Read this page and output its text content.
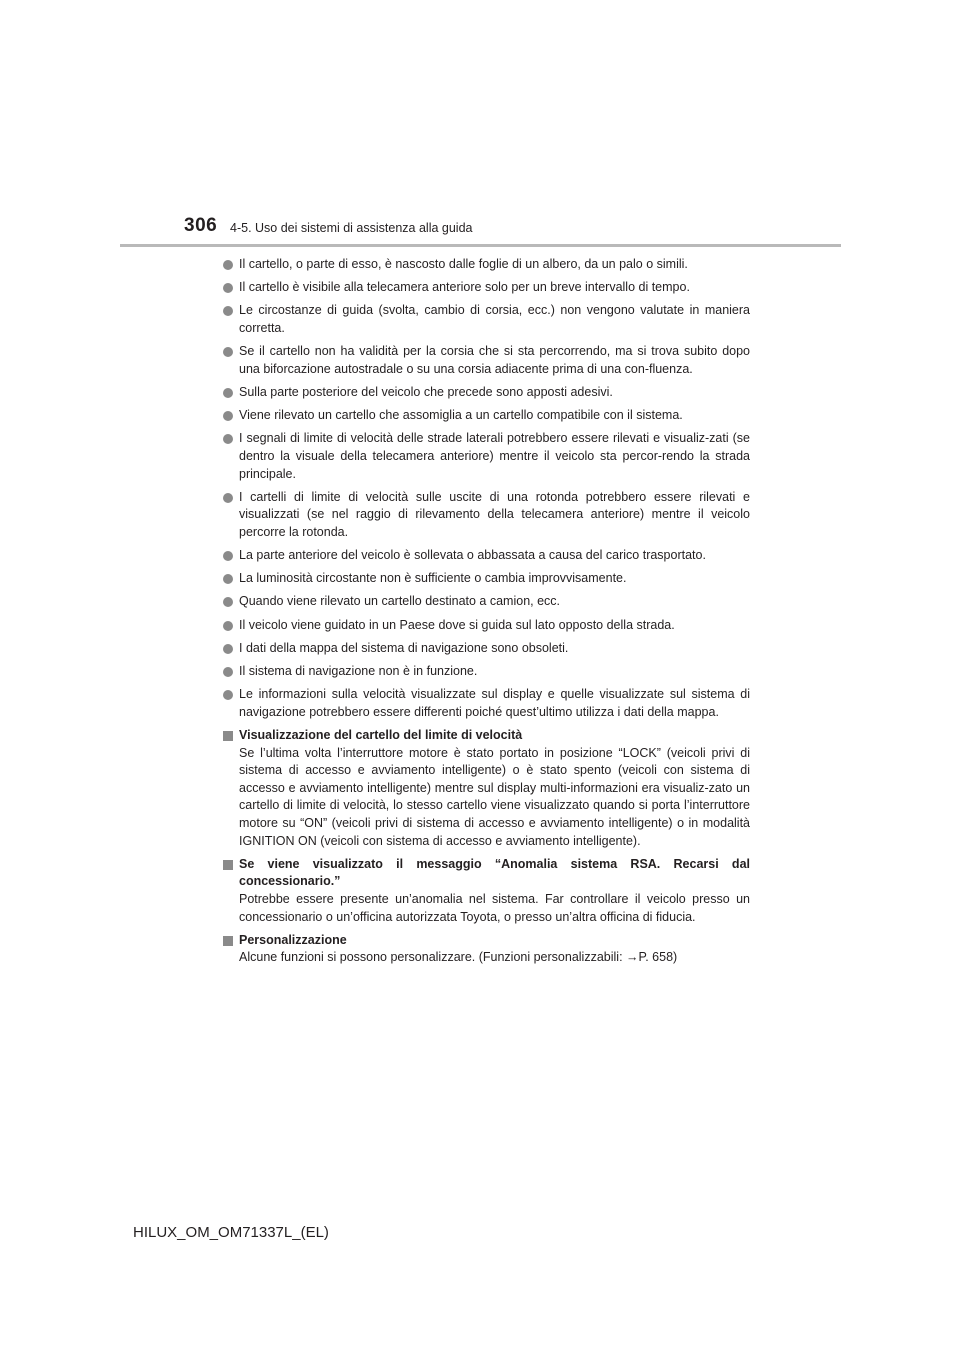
306 4-5. Uso dei sistemi di assistenza alla guida
Il cartello, o parte di esso, è nascosto dalle foglie di un albero, da un palo o simili.
Il cartello è visibile alla telecamera anteriore solo per un breve intervallo di tempo.
Le circostanze di guida (svolta, cambio di corsia, ecc.) non vengono valutate in maniera corretta.
Se il cartello non ha validità per la corsia che si sta percorrendo, ma si trova subito dopo una biforcazione autostradale o su una corsia adiacente prima di una con-fluenza.
Sulla parte posteriore del veicolo che precede sono apposti adesivi.
Viene rilevato un cartello che assomiglia a un cartello compatibile con il sistema.
I segnali di limite di velocità delle strade laterali potrebbero essere rilevati e visualiz-zati (se dentro la visuale della telecamera anteriore) mentre il veicolo sta percor-rendo la strada principale.
I cartelli di limite di velocità sulle uscite di una rotonda potrebbero essere rilevati e visualizzati (se nel raggio di rilevamento della telecamera anteriore) mentre il veicolo percorre la rotonda.
La parte anteriore del veicolo è sollevata o abbassata a causa del carico trasportato.
La luminosità circostante non è sufficiente o cambia improvvisamente.
Quando viene rilevato un cartello destinato a camion, ecc.
Il veicolo viene guidato in un Paese dove si guida sul lato opposto della strada.
I dati della mappa del sistema di navigazione sono obsoleti.
Il sistema di navigazione non è in funzione.
Le informazioni sulla velocità visualizzate sul display e quelle visualizzate sul sistema di navigazione potrebbero essere differenti poiché quest’ultimo utilizza i dati della mappa.
Visualizzazione del cartello del limite di velocità
Se l’ultima volta l’interruttore motore è stato portato in posizione “LOCK” (veicoli privi di sistema di accesso e avviamento intelligente) o è stato spento (veicoli con sistema di accesso e avviamento intelligente) mentre sul display multi-informazioni era visualiz-zato un cartello di limite di velocità, lo stesso cartello viene visualizzato quando si porta l’interruttore motore su “ON” (veicoli privi di sistema di accesso e avviamento intelligente) o in modalità IGNITION ON (veicoli con sistema di accesso e avviamento intelligente).
Se viene visualizzato il messaggio “Anomalia sistema RSA. Recarsi dal concessionario.”
Potrebbe essere presente un’anomalia nel sistema. Far controllare il veicolo presso un concessionario o un’officina autorizzata Toyota, o presso un’altra officina di fiducia.
Personalizzazione
Alcune funzioni si possono personalizzare. (Funzioni personalizzabili: →P. 658)
HILUX_OM_OM71337L_(EL)
